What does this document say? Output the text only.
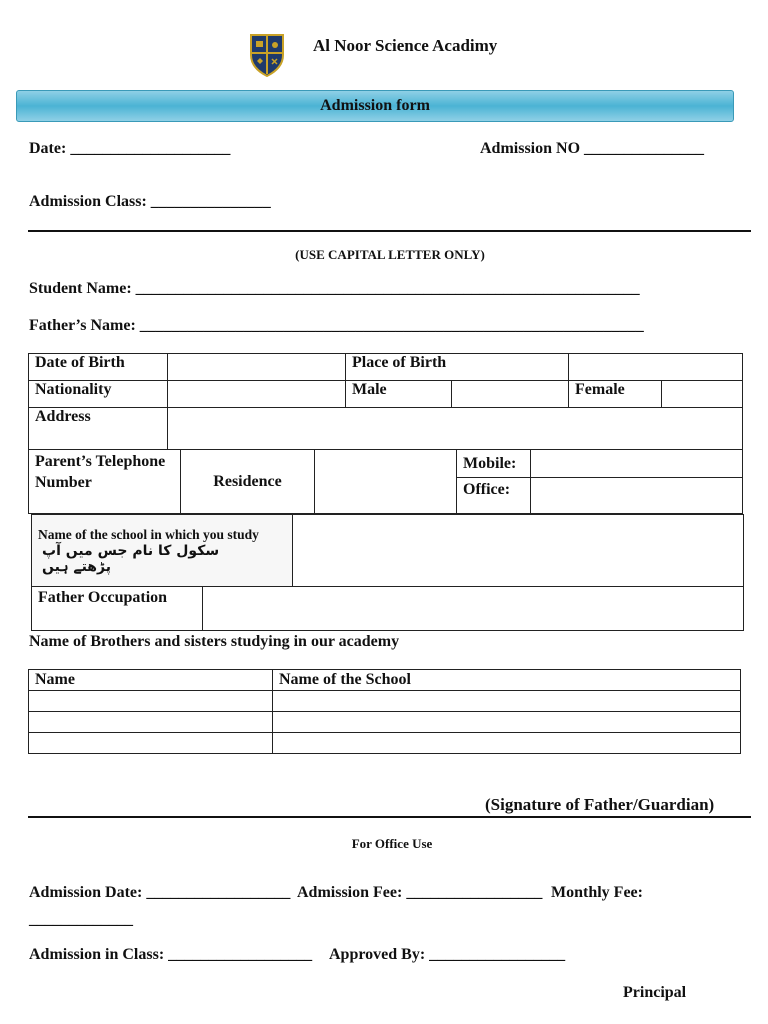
Al Noor Science Acadimy
Admission form
Date: ____________________	Admission NO _______________
Admission Class: _______________
(USE CAPITAL LETTER ONLY)
Student Name: _______________________________________________________________
Father’s Name: _______________________________________________________________
Date of Birth		Place of Birth			
Nationality		Male		Female	
Address					
Parent’s Telephone Number	Residence		Mobile:	
			Office:	
Name of the school in which you study
سکول کا نام جس میں آپ پڑھتے ہیں

Father Occupation	
Name of Brothers and sisters studying in our academy
Name	Name of the School

(Signature of Father/Guardian)
For Office Use
Admission Date: __________________ Admission Fee: _________________ Monthly Fee:
_____________
Admission in Class: __________________ Approved By: _________________
Principal
